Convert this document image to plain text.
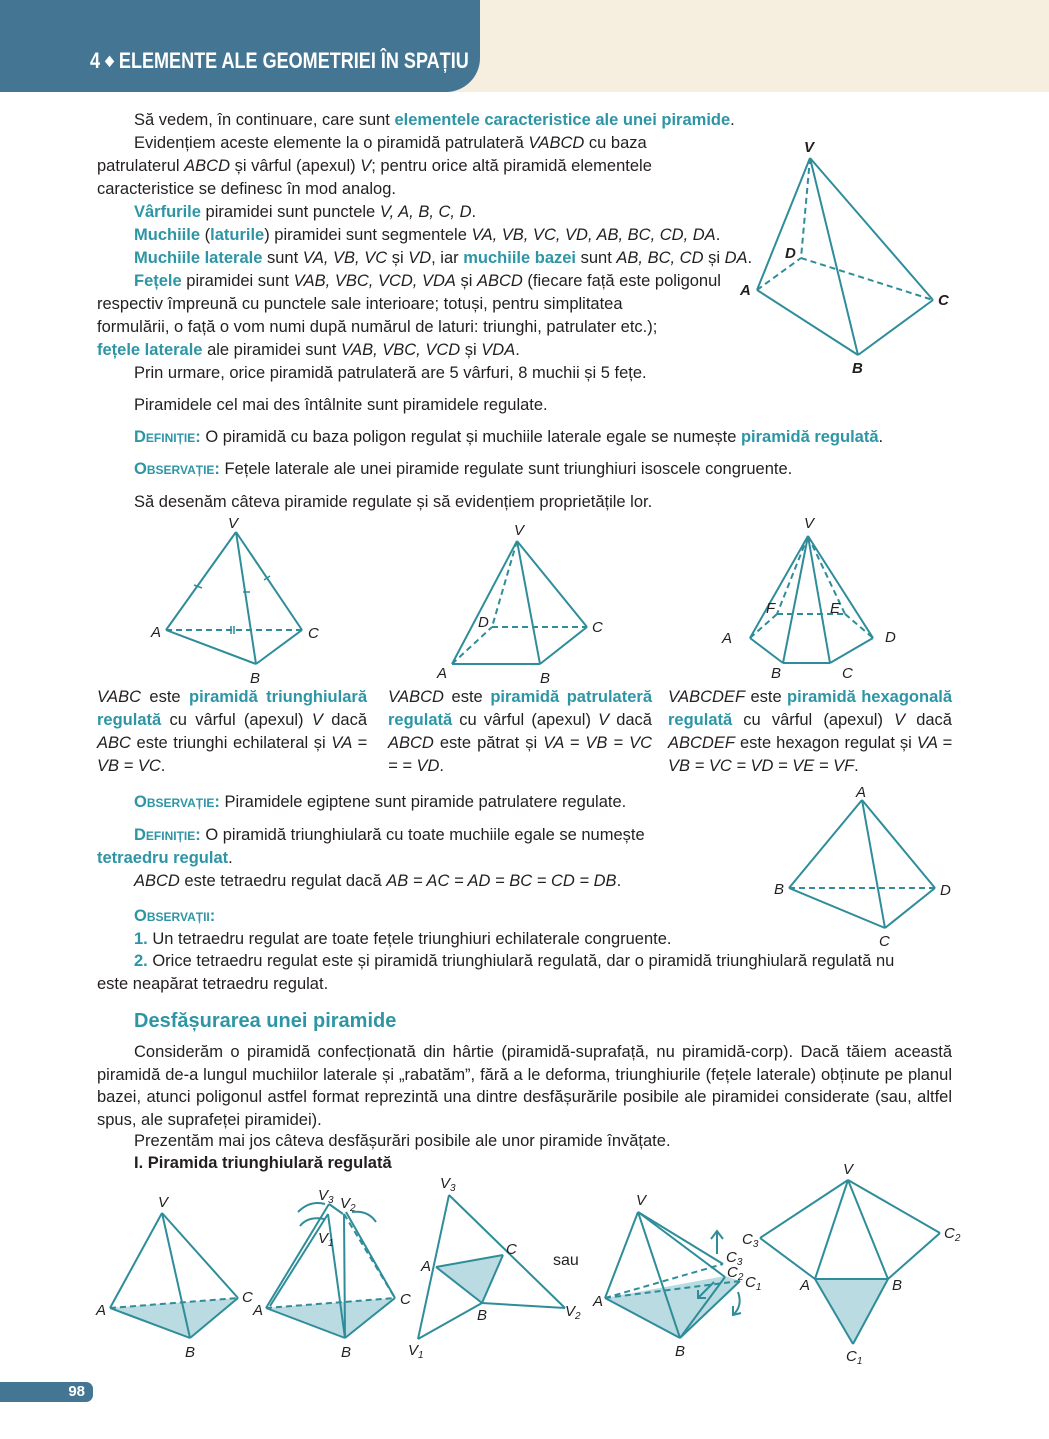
4 ◆ ELEMENTE ALE GEOMETRIEI ÎN SPAȚIU
Să vedem, în continuare, care sunt elementele caracteristice ale unei piramide.
Evidențiem aceste elemente la o piramidă patrulateră VABCD cu baza
patrulaterul ABCD și vârful (apexul) V; pentru orice altă piramidă elementele
caracteristice se definesc în mod analog.
Vârfurile piramidei sunt punctele V, A, B, C, D.
Muchiile (laturile) piramidei sunt segmentele VA, VB, VC, VD, AB, BC, CD, DA.
Muchiile laterale sunt VA, VB, VC și VD, iar muchiile bazei sunt AB, BC, CD și DA.
Fețele piramidei sunt VAB, VBC, VCD, VDA și ABCD (fiecare față este poligonul
respectiv împreună cu punctele sale interioare; totuși, pentru simplitatea
formulării, o față o vom numi după numărul de laturi: triunghi, patrulater etc.);
fețele laterale ale piramidei sunt VAB, VBC, VCD și VDA.
Prin urmare, orice piramidă patrulateră are 5 vârfuri, 8 muchii și 5 fețe.
V
D
A
C
B
Piramidele cel mai des întâlnite sunt piramidele regulate.
Definiție: O piramidă cu baza poligon regulat și muchiile laterale egale se numește piramidă regulată.
Observație: Fețele laterale ale unei piramide regulate sunt triunghiuri isoscele congruente.
Să desenăm câteva piramide regulate și să evidențiem proprietățile lor.
V
A	C
B
V
D	C
A	B
V
F	E
A	D
B	C
VABC este piramidă triunghiulară regulată cu vârful (apexul) V dacă ABC este triunghi echilateral și VA = VB = VC.
VABCD este piramidă patrulateră regulată cu vârful (apexul) V dacă ABCD este pătrat și VA = VB = VC = = VD.
VABCDEF este piramidă hexagonală regulată cu vârful (apexul) V dacă ABCDEF este hexagon regulat și VA = VB = VC = VD = VE = VF.
Observație: Piramidele egiptene sunt piramide patrulatere regulate.
Definiție: O piramidă triunghiulară cu toate muchiile egale se numește
tetraedru regulat.
ABCD este tetraedru regulat dacă AB = AC = AD = BC = CD = DB.
Observații:
1. Un tetraedru regulat are toate fețele triunghiuri echilaterale congruente.
2. Orice tetraedru regulat este și piramidă triunghiulară regulată, dar o piramidă triunghiulară regulată nu
este neapărat tetraedru regulat.
A
B	D
C
Desfășurarea unei piramide
Considerăm o piramidă confecționată din hârtie (piramidă-suprafață, nu piramidă-corp). Dacă tăiem această piramidă de-a lungul muchiilor laterale și „rabatăm”, fără a le deforma, triunghiurile (fețele laterale) obținute pe planul bazei, atunci poligonul astfel format reprezintă una dintre desfășurările posibile ale piramidei considerate (sau, altfel spus, ale suprafeței piramidei).
Prezentăm mai jos câteva desfășurări posibile ale unor piramide învățate.
I. Piramida triunghiulară regulată
V
A
C
B
$V_3$ $V_2$
$V_1$
A
C
B
$V_3$
A
C
B
$V_1$
$V_2$
sau
V
A
B
$C_3$
$C_2$ $C_1$
V
$C_3$
$C_2$
A	B
$C_1$
98
